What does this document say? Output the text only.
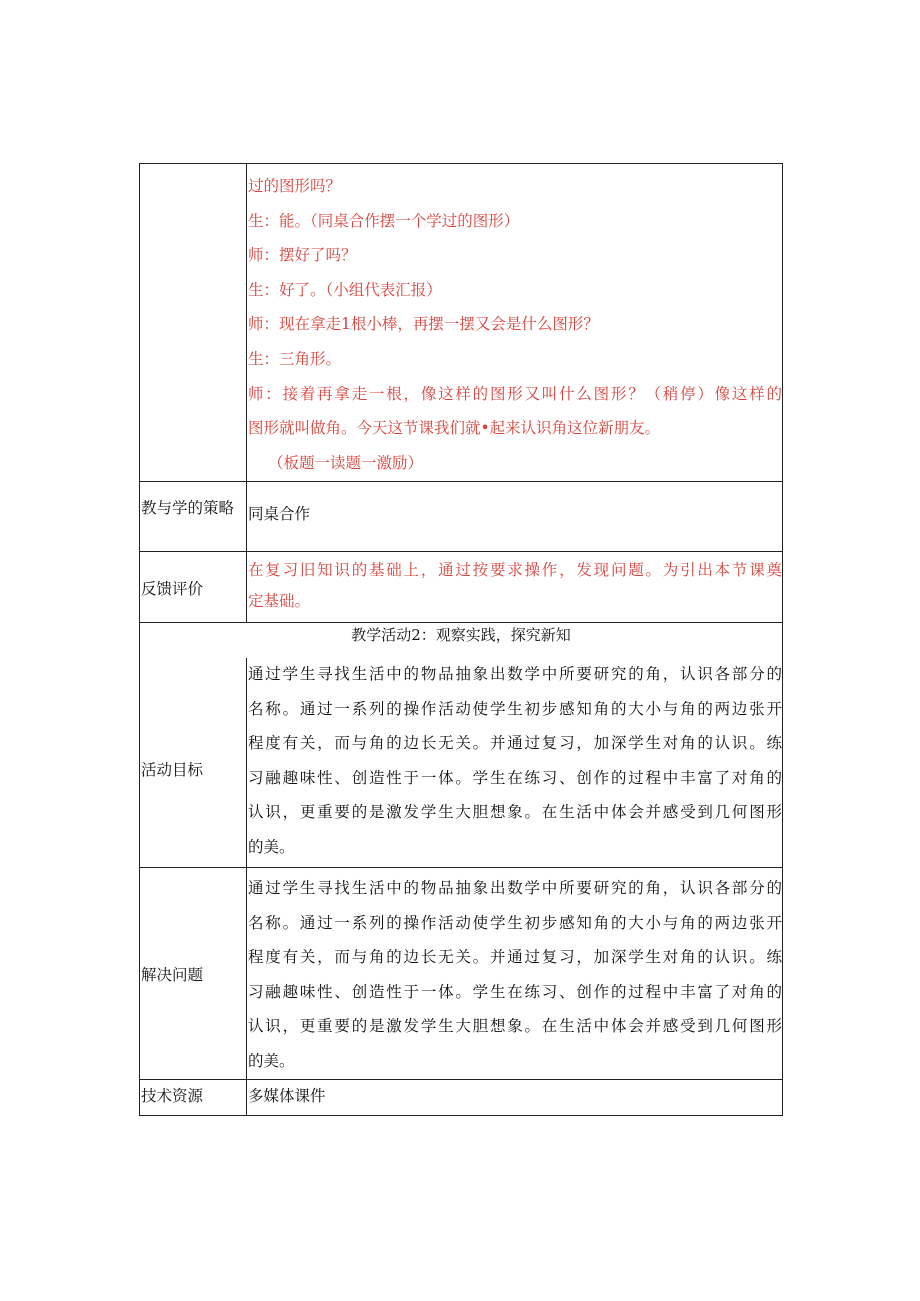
过的图形吗？
生：能。（同桌合作摆一个学过的图形）
师：摆好了吗？
生：好了。（小组代表汇报）
师：现在拿走1根小棒，再摆一摆又会是什么图形？
生：三角形。
师：接着再拿走一根，像这样的图形又叫什么图形？（稍停）像这样的
图形就叫做角。今天这节课我们就•起来认识角这位新朋友。
（板题一读题一激励）
教与学的策略 同桌合作
反馈评价
在复习旧知识的基础上，通过按要求操作，发现问题。为引出本节课奠
定基础。
教学活动2：观察实践，探究新知
活动目标
通过学生寻找生活中的物品抽象出数学中所要研究的角，认识各部分的
名称。通过一系列的操作活动使学生初步感知角的大小与角的两边张开
程度有关，而与角的边长无关。并通过复习，加深学生对角的认识。练
习融趣味性、创造性于一体。学生在练习、创作的过程中丰富了对角的
认识，更重要的是激发学生大胆想象。在生活中体会并感受到几何图形
的美。
解决问题
通过学生寻找生活中的物品抽象出数学中所要研究的角，认识各部分的
名称。通过一系列的操作活动使学生初步感知角的大小与角的两边张开
程度有关，而与角的边长无关。并通过复习，加深学生对角的认识。练
习融趣味性、创造性于一体。学生在练习、创作的过程中丰富了对角的
认识，更重要的是激发学生大胆想象。在生活中体会并感受到几何图形
的美。
技术资源	多媒体课件
